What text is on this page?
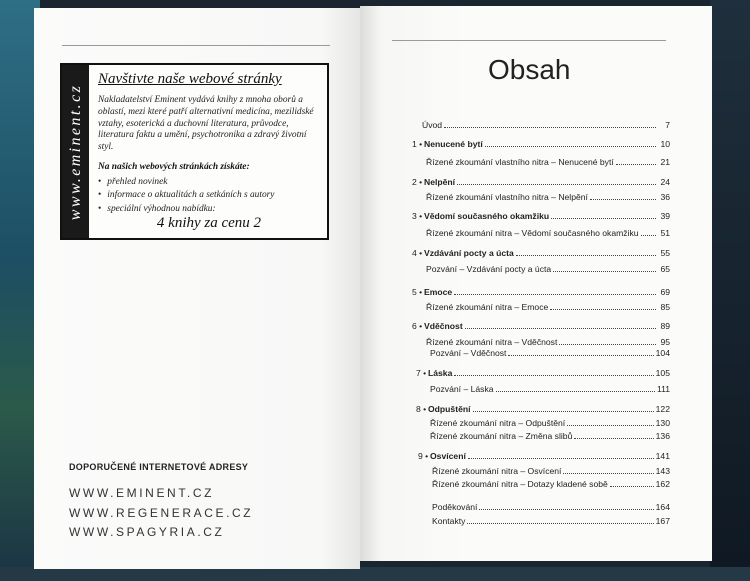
www.eminent.cz
Navštivte naše webové stránky
Nakladatelství Eminent vydává knihy z mnoha oborů a oblastí, mezi které patří alternativní medicína, mezilidské vztahy, esoterická a duchovní literatura, průvodce, literatura faktu a umění, psychotronika a zdravý životní styl.
Na našich webových stránkách získáte:
• přehled novinek
• informace o aktualitách a setkáních s autory
• speciální výhodnou nabídku:
4 knihy za cenu 2
DOPORUČENÉ INTERNETOVÉ ADRESY
WWW.EMINENT.CZ
WWW.REGENERACE.CZ
WWW.SPAGYRIA.CZ
Obsah
Úvod	7
1 • Nenucené bytí	10
Řízené zkoumání vlastního nitra – Nenucené bytí	21
2 • Nelpění	24
Řízené zkoumání vlastního nitra – Nelpění	36
3 • Vědomí současného okamžiku	39
Řízené zkoumání nitra – Vědomí současného okamžiku	51
4 • Vzdávání pocty a úcta	55
Pozvání – Vzdávání pocty a úcta	65
5 • Emoce	69
Řízené zkoumání nitra – Emoce	85
6 • Vděčnost	89
Řízené zkoumání nitra – Vděčnost	95
Pozvání – Vděčnost	104
7 • Láska	105
Pozvání – Láska	111
8 • Odpuštění	122
Řízené zkoumání nitra – Odpuštění	130
Řízené zkoumání nitra – Změna slibů	136
9 • Osvícení	141
Řízené zkoumání nitra – Osvícení	143
Řízené zkoumání nitra – Dotazy kladené sobě	162
Poděkování	164
Kontakty	167
